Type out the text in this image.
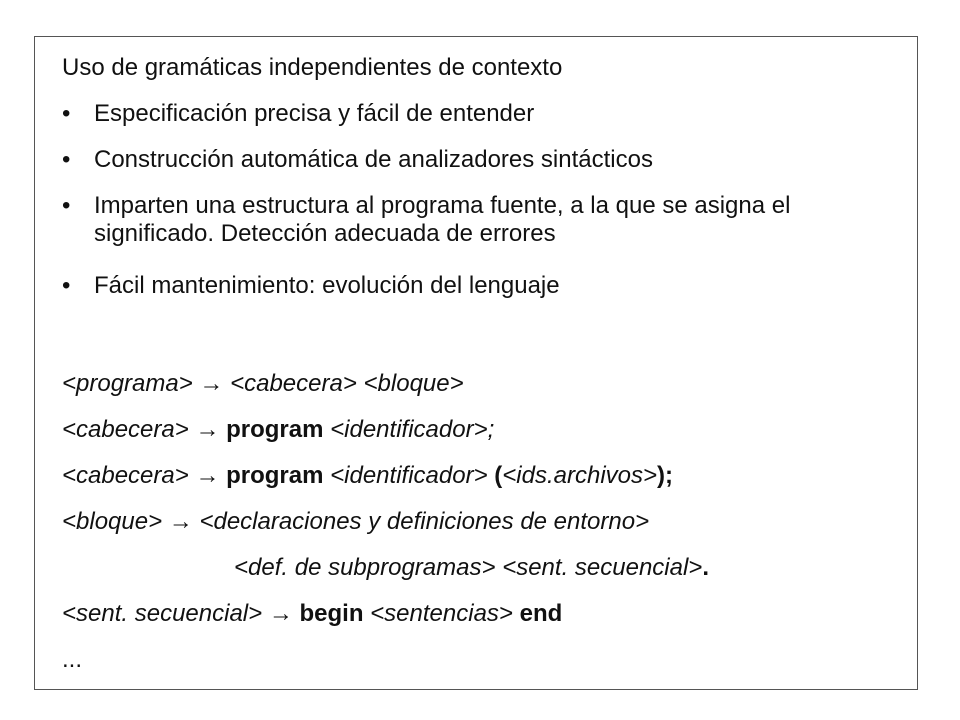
Uso de gramáticas independientes de contexto
• Especificación precisa y fácil de entender
• Construcción automática de analizadores sintácticos
• Imparten una estructura al programa fuente, a la que se asigna el significado. Detección adecuada de errores
• Fácil mantenimiento: evolución del lenguaje
<programa> → <cabecera> <bloque>
<cabecera> → program <identificador>;
<cabecera> → program <identificador> (<ids.archivos>);
<bloque> → <declaraciones y definiciones de entorno>
<def. de subprogramas> <sent. secuencial>.
<sent. secuencial> → begin <sentencias> end
...
